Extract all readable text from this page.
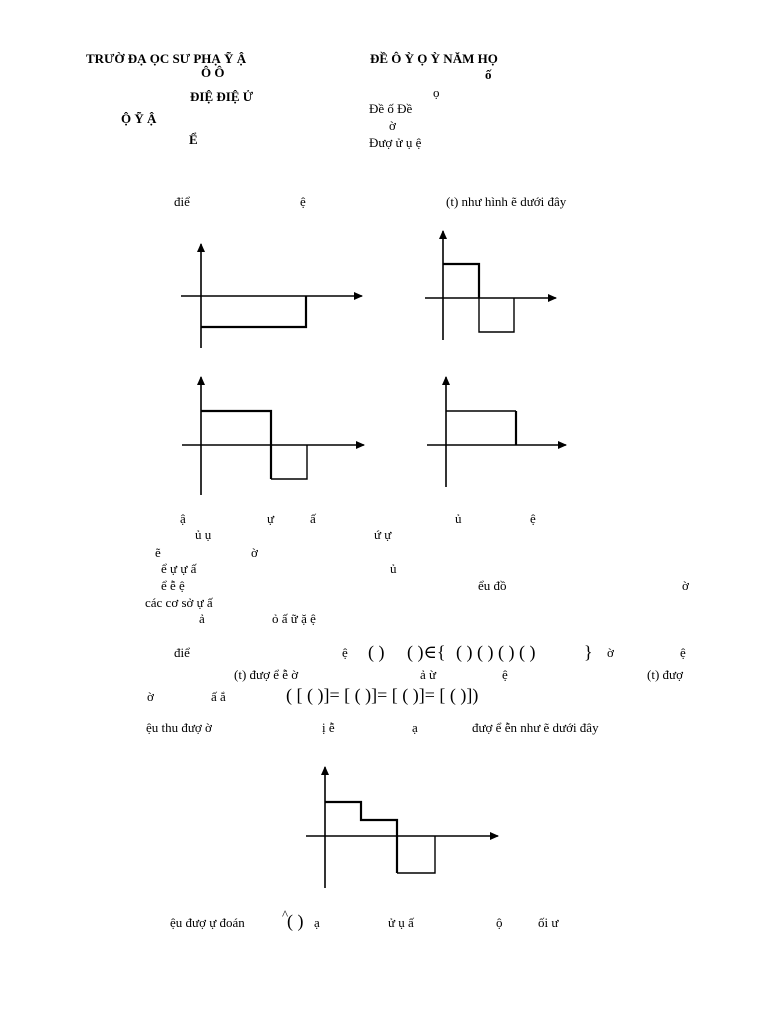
TRƯỜ ĐẠ ỌC SƯ PHẠ Ỹ Ậ
Ô Ô
ĐIỆ ĐIỆ Ử
Ộ Ỹ Ậ
Ể
ĐỀ Ô Ỳ Ọ Ỳ NĂM HỌ
ố
ọ
Đề ố Đề
ờ
Đượ ử ụ ệ
điể	ệ	(t) như hình ẽ dưới đây
ậ	ự	ấ	ủ	ệ
ủ ụ	ứ ự
ẽ	ờ
ể ự ự ấ	ủ
ể ễ ệ	ểu đồ	ờ
các cơ sở ự ấ
ả	ỏ ấ ữ ặ ệ
điể	ệ ( ) ( )∈{ ( ) ( ) ( ) ( )	} ờ	ệ
(t) đượ ể ễ ờ	ả ừ	ệ	(t) đượ
ờ	ấ ắ	( [ ( )]= [ ( )]= [ ( )]= [ ( )])
ệu thu đượ ờ	ị ễ	ạ	đượ ể ễn như ẽ dưới đây
ệu đượ ự đoán
^
( ) ạ	ử ụ ấ	ộ	ối ư
